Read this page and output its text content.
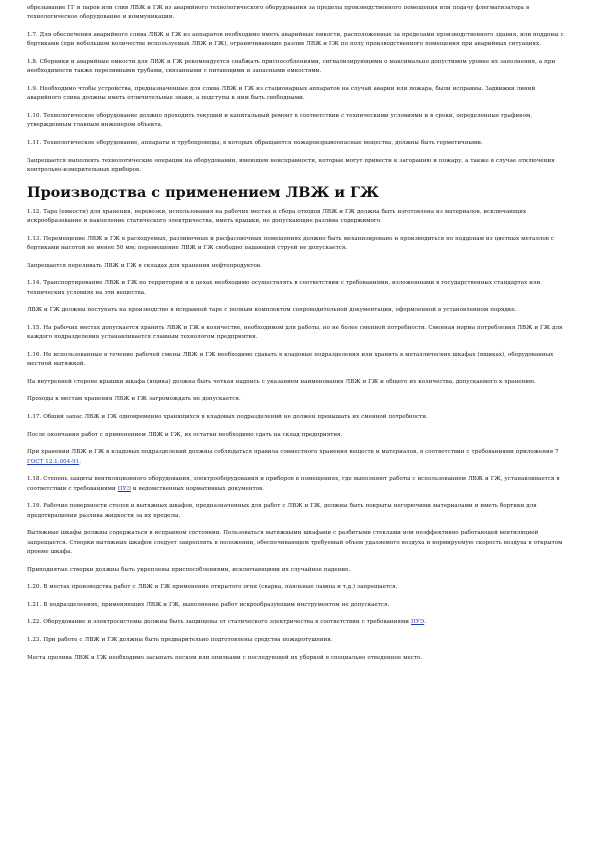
обрезывание ГГ и паров или слив ЛВЖ и ГЖ из аварийного технологического оборудования за пределы производственного помещения или подачу флегматизатора в технологическое оборудование и коммуникации.

1.7. Для обеспечения аварийного слива ЛВЖ и ГЖ из аппаратов необходимо иметь аварийные емкости, расположенные за пределами производственного здания, или поддоны с бортиками (при небольшом количестве используемых ЛВЖ и ГЖ), ограничивающие разлив ЛВЖ и ГЖ по полу производственного помещения при аварийных ситуациях.

1.8. Сборники и аварийные емкости для ЛВЖ и ГЖ рекомендуется снабжать приспособлениями, сигнализирующими о максимально допустимом уровне их заполнения, а при необходимости также переливными трубами, связанными с питающими и запасными емкостями.

1.9. Необходимо чтобы устройства, предназначенные для слива ЛВЖ и ГЖ из стационарных аппаратов на случай аварии или пожара, были исправны. Задвижки линий аварийного слива должны иметь отличительные знаки, а подступы к ним быть свободными.

1.10. Технологическое оборудование должно проходить текущий и капитальный ремонт в соответствии с техническими условиями и в сроки, определенные графиком, утвержденным главным инженером объекта.

1.11. Технологическое оборудование, аппараты и трубопроводы, в которых обращаются пожаровзрывоопасные вещества, должны быть герметичными.

Запрещается выполнять технологические операции на оборудовании, имеющем неисправности, которые могут привести к загоранию и пожару, а также в случае отключения контрольно-измерительных приборов.

Производства с применением ЛВЖ и ГЖ

1.12. Тара (емкости) для хранения, перевозки, использования на рабочих местах и сбора отходов ЛВЖ и ГЖ должна быть изготовлена из материалов, исключающих искрообразование и накопление статического электричества, иметь крышки, не допускающие разлива содержимого.

1.13. Перемещение ЛВЖ и ГЖ в расходуемых, разливочных и расфасовочных помещениях должно быть механизировано и производиться по поддонам из цветных металлов с бортиками высотой не менее 50 мм; перемещение ЛВЖ и ГЖ свободно падающей струей не допускается.

Запрещается переливать ЛВЖ и ГЖ в складах для хранения нефтепродуктов.

1.14. Транспортирование ЛВЖ и ГЖ по территории и в цехах необходимо осуществлять в соответствии с требованиями, изложенными в государственных стандартах или технических условиях на эти вещества.

ЛВЖ и ГЖ должны поступать на производство в исправной таре с полным комплектом сопроводительной документации, оформленной в установленном порядке.

1.15. На рабочих местах допускается хранить ЛВЖ и ГЖ в количестве, необходимом для работы, но не более сменной потребности. Сменная норма потребления ЛВЖ и ГЖ для каждого подразделения устанавливается главным технологом предприятия.

1.16. Не использованные в течение рабочей смены ЛВЖ и ГЖ необходимо сдавать в кладовые подразделения или хранить в металлических шкафах (ящиках), оборудованных местной вытяжкой.

На внутренней стороне крышки шкафа (ящика) должна быть четкая надпись с указанием наименования ЛВЖ и ГЖ и общего их количества, допускаемого к хранению.

Проходы к местам хранения ЛВЖ и ГЖ загромождать не допускается.

1.17. Общий запас ЛВЖ и ГЖ одновременно хранящихся в кладовых подразделений не должен превышать их сменной потребности.

После окончания работ с применением ЛВЖ и ГЖ, их остатки необходимо сдать на склад предприятия.

При хранении ЛВЖ и ГЖ в кладовых подразделений должны соблюдаться правила совместного хранения веществ и материалов, в соответствии с требованиями приложения 7 ГОСТ 12.1.004-91.

1.18. Степень защиты вентиляционного оборудования, электрооборудования и приборов в помещениях, где выполняют работы с использованием ЛВЖ и ГЖ, устанавливается в соответствии с требованиями ПУЭ и ведомственных нормативных документов.

1.19. Рабочие поверхности столов и вытяжных шкафов, предназначенных для работ с ЛВЖ и ГЖ, должны быть покрыты негорючими материалами и иметь бортики для предотвращения разлива жидкости за их пределы.

Вытяжные шкафы должны содержаться в исправном состоянии. Пользоваться вытяжными шкафами с разбитыми стеклами или неэффективно работающей вентиляцией запрещается. Створки вытяжных шкафов следует закреплять в положении, обеспечивающем требуемый объем удаляемого воздуха и нормируемую скорость воздуха в открытом проеме шкафа.

Приподнятые створки должны быть укреплены приспособлениями, исключающими их случайное падение.

1.20. В местах производства работ с ЛВЖ и ГЖ применение открытого огня (сварка, паяльные лампы и т.д.) запрещается.

1.21. В подразделениях, применяющих ЛВЖ и ГЖ, выполнение работ искрообразующим инструментом не допускается.

1.22. Оборудование и электросистемы должны быть защищены от статического электричества в соответствии с требованиями ПУЭ.

1.23. При работе с ЛВЖ и ГЖ должны быть предварительно подготовлены средства пожаротушения.

Места пролива ЛВЖ и ГЖ необходимо засыпать песком или опилками с последующей их уборкой в специально отведенное место.
